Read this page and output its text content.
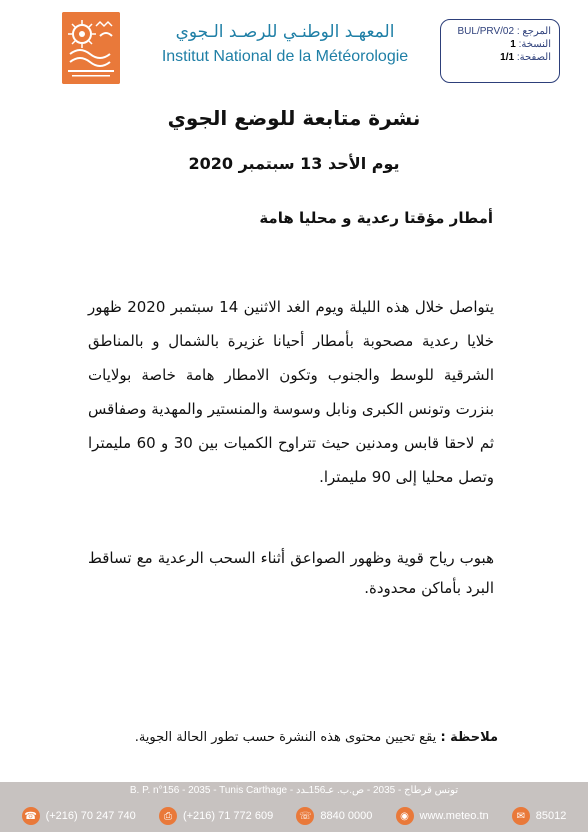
المعهـد الوطنـي للرصـد الـجوي
Institut National de la Météorologie
المرجع : BUL/PRV/02
النسخة: 1
الصفحة: 1/1
نشرة متابعة للوضع الجوي
يوم الأحد 13 سبتمبر 2020
أمطار مؤقتا رعدية و محليا هامة
يتواصل خلال هذه الليلة ويوم الغد الاثنين 14 سبتمبر 2020 ظهور خلايا رعدية مصحوبة بأمطار أحيانا غزيرة بالشمال و بالمناطق الشرقية للوسط والجنوب وتكون الامطار هامة خاصة بولايات بنزرت وتونس الكبرى ونابل وسوسة والمنستير والمهدية وصفاقس ثم لاحقا قابس ومدنين حيث تتراوح الكميات بين 30 و 60 مليمترا وتصل محليا إلى 90 مليمترا.
هبوب رياح قوية وظهور الصواعق أثناء السحب الرعدية مع تساقط البرد بأماكن محدودة.
ملاحظة : يقع تحيين محتوى هذه النشرة حسب تطور الحالة الجوية.
B. P. n°156 - 2035 - Tunis Carthage - تونس قرطاج - 2035 - ص.ب. عـ156ـدد
☎ (+216) 70 247 740	⎙	(+216) 71 772 609	☏ 8840 0000	◉ www.meteo.tn	✉ 85012
